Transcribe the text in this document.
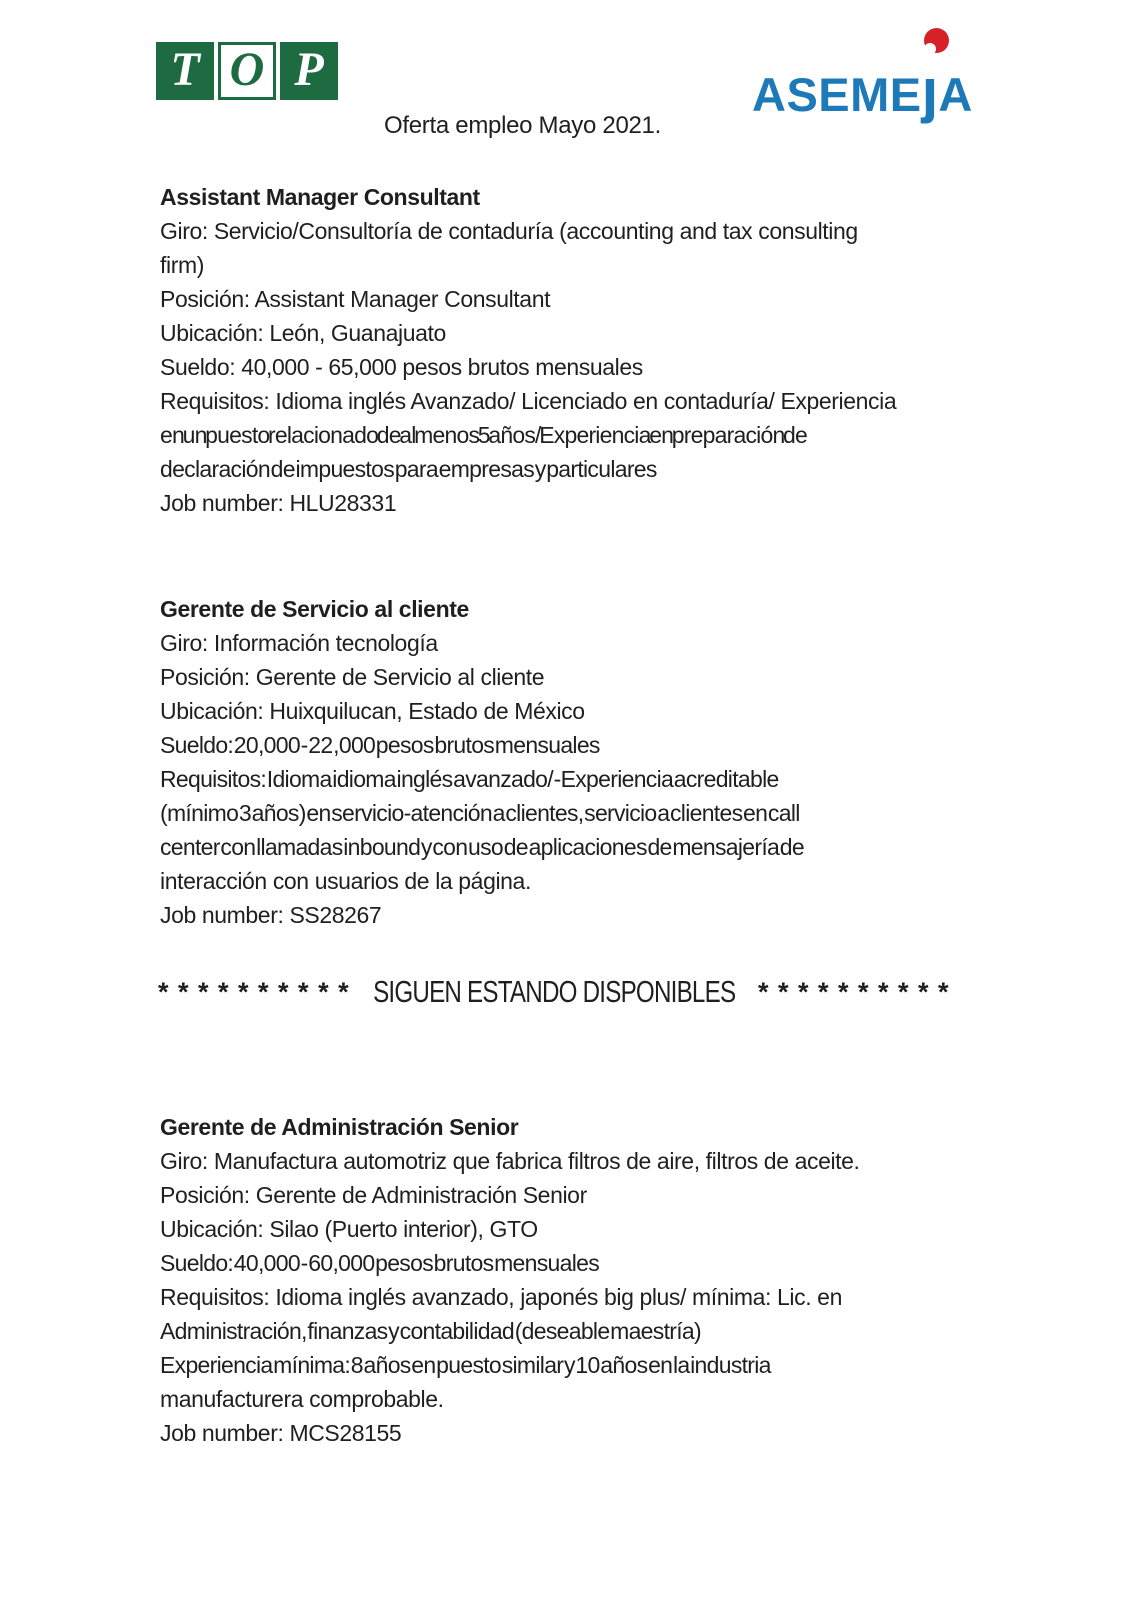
T O P	ASEMEȷA
Oferta empleo Mayo 2021.
Assistant Manager Consultant
Giro: Servicio/Consultoría de contaduría (accounting and tax consulting
firm)
Posición: Assistant Manager Consultant
Ubicación: León, Guanajuato
Sueldo: 40,000 - 65,000 pesos brutos mensuales
Requisitos: Idioma inglés Avanzado/ Licenciado en contaduría/ Experiencia
en un puesto relacionado de al menos 5 años/ Experiencia en preparación de
declaración de impuestos para empresas y particulares
Job number: HLU28331
Gerente de Servicio al cliente
Giro: Información tecnología
Posición: Gerente de Servicio al cliente
Ubicación: Huixquilucan, Estado de México
Sueldo: 20,000 - 22 ,000 pesos brutos mensuales
Requisitos: Idioma idioma inglés avanzado/ -Experiencia acreditable
(mínimo 3 años) en servicio-atención a clientes, servicio a clientes en call
center con llamadas inbound y con uso de aplicaciones de mensajería de
interacción con usuarios de la página.
Job number: SS28267
* * * * * * * * * * SIGUEN ESTANDO DISPONIBLES * * * * * * * * * *
Gerente de Administración Senior
Giro: Manufactura automotriz que fabrica filtros de aire, filtros de aceite.
Posición: Gerente de Administración Senior
Ubicación: Silao (Puerto interior), GTO
Sueldo: 40,000 - 60,000 pesos brutos mensuales
Requisitos: Idioma inglés avanzado, japonés big plus/ mínima: Lic. en
Administración, finanzas y contabilidad (deseable maestría)
Experiencia mínima: 8 años en puesto similar y 10 años en la industria
manufacturera comprobable.
Job number: MCS28155
